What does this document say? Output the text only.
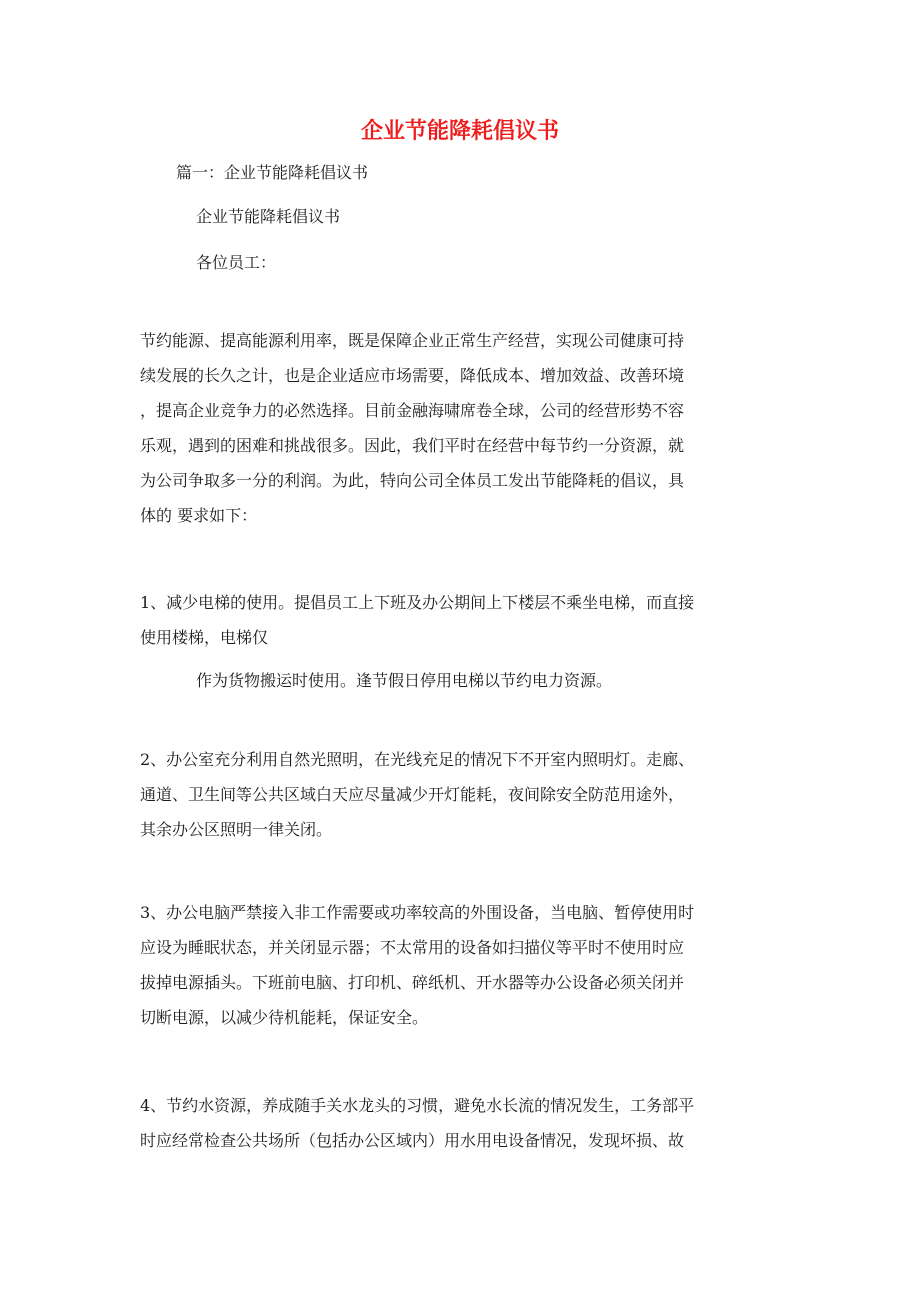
企业节能降耗倡议书

篇一：企业节能降耗倡议书

企业节能降耗倡议书

各位员工：

节约能源、提高能源利用率，既是保障企业正常生产经营，实现公司健康可持
续发展的长久之计，也是企业适应市场需要，降低成本、增加效益、改善环境
，提高企业竞争力的必然选择。目前金融海啸席卷全球，公司的经营形势不容
乐观，遇到的困难和挑战很多。因此，我们平时在经营中每节约一分资源，就
为公司争取多一分的利润。为此，特向公司全体员工发出节能降耗的倡议，具
体的 要求如下：
1、减少电梯的使用。提倡员工上下班及办公期间上下楼层不乘坐电梯，而直接
使用楼梯，电梯仅

作为货物搬运时使用。逢节假日停用电梯以节约电力资源。

2、办公室充分利用自然光照明，在光线充足的情况下不开室内照明灯。走廊、
通道、卫生间等公共区域白天应尽量减少开灯能耗，夜间除安全防范用途外，
其余办公区照明一律关闭。
3、办公电脑严禁接入非工作需要或功率较高的外围设备，当电脑、暂停使用时
应设为睡眠状态，并关闭显示器；不太常用的设备如扫描仪等平时不使用时应
拔掉电源插头。下班前电脑、打印机、碎纸机、开水器等办公设备必须关闭并
切断电源，以减少待机能耗，保证安全。
4、节约水资源，养成随手关水龙头的习惯，避免水长流的情况发生，工务部平
时应经常检查公共场所（包括办公区域内）用水用电设备情况，发现坏损、故
